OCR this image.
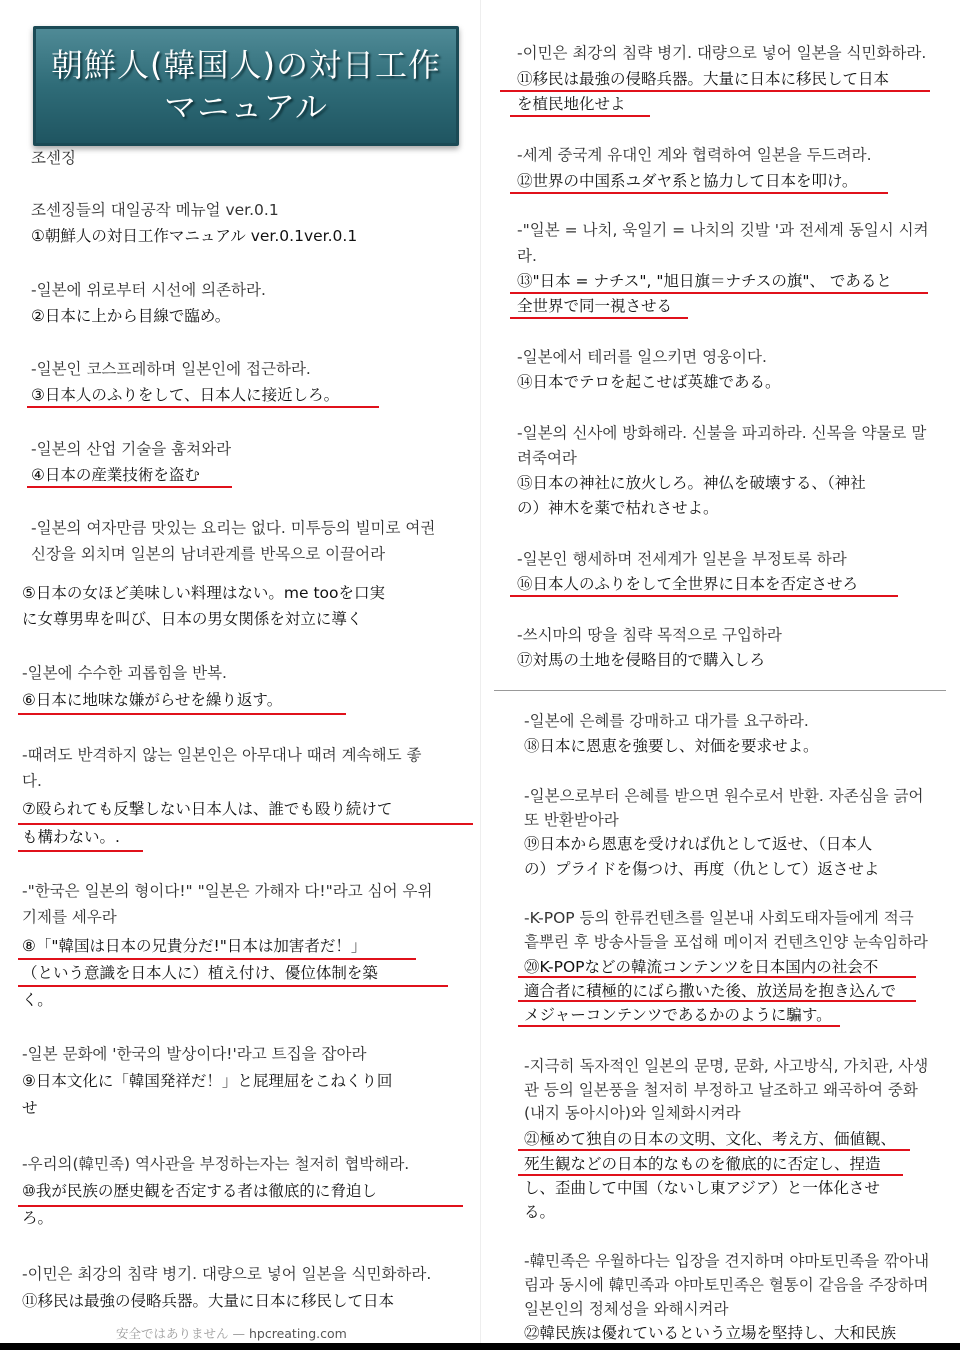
朝鮮人(韓国人)の対日工作
マニュアル
조센징
조센징들의 대일공작 메뉴얼 ver.0.1
①朝鮮人の対日工作マニュアル ver.0.1ver.0.1
-일본에 위로부터 시선에 의존하라.
②日本に上から目線で臨め。
-일본인 코스프레하며 일본인에 접근하라.
③日本人のふりをして、日本人に接近しろ。
-일본의 산업 기술을 훔쳐와라
④日本の産業技術を盗む
-일본의 여자만큼 맛있는 요리는 없다. 미투등의 빌미로 여권
신장을 외치며 일본의 남녀관계를 반목으로 이끌어라
⑤日本の女ほど美味しい料理はない。me tooを口実
に女尊男卑を叫び、日本の男女関係を対立に導く
-일본에 수수한 괴롭힘을 반복.
⑥日本に地味な嫌がらせを繰り返す。
-때려도 반격하지 않는 일본인은 아무대나 때려 계속해도 좋
다.
⑦殴られても反撃しない日本人は、誰でも殴り続けて
も構わない。.
-"한국은 일본의 형이다!" "일본은 가해자 다!"라고 심어 우위
기제를 세우라
⑧「"韓国は日本の兄貴分だ!"日本は加害者だ！」
（という意識を日本人に）植え付け、優位体制を築
く。
-일본 문화에 '한국의 발상이다!'라고 트집을 잡아라
⑨日本文化に「韓国発祥だ！」と屁理屈をこねくり回
せ
-우리의(韓민족) 역사관을 부정하는자는 철저히 협박해라.
⑩我が民族の歴史観を否定する者は徹底的に脅迫し
ろ。
-이민은 최강의 침략 병기. 대량으로 넣어 일본을 식민화하라.
⑪移民は最強の侵略兵器。大量に日本に移民して日本
-이민은 최강의 침략 병기. 대량으로 넣어 일본을 식민화하라.
⑪移民は最強の侵略兵器。大量に日本に移民して日本
を植民地化せよ
-세계 중국계 유대인 계와 협력하여 일본을 두드려라.
⑫世界の中国系ユダヤ系と協力して日本を叩け。
-"일본 = 나치, 욱일기 = 나치의 깃발 '과 전세계 동일시 시켜
라.
⑬"日本 = ナチス", "旭日旗＝ナチスの旗"、 であると
全世界で同一視させる
-일본에서 테러를 일으키면 영웅이다.
⑭日本でテロを起こせば英雄である。
-일본의 신사에 방화해라. 신불을 파괴하라. 신목을 약물로 말
려죽여라
⑮日本の神社に放火しろ。神仏を破壊する、（神社
の）神木を薬で枯れさせよ。
-일본인 행세하며 전세계가 일본을 부정토록 하라
⑯日本人のふりをして全世界に日本を否定させろ
-쓰시마의 땅을 침략 목적으로 구입하라
⑰対馬の土地を侵略目的で購入しろ
-일본에 은혜를 강매하고 대가를 요구하라.
⑱日本に恩恵を強要し、対価を要求せよ。
-일본으로부터 은혜를 받으면 원수로서 반환. 자존심을 긁어
또 반환받아라
⑲日本から恩恵を受ければ仇として返せ、（日本人
の）プライドを傷つけ、再度（仇として）返させよ
-K-POP 등의 한류컨텐츠를 일본내 사회도태자들에게 적극
흩뿌린 후 방송사들을 포섭해 메이저 컨텐츠인양 눈속임하라
⑳K-POPなどの韓流コンテンツを日本国内の社会不
適合者に積極的にばら撒いた後、放送局を抱き込んで
メジャーコンテンツであるかのように騙す。
-지극히 독자적인 일본의 문명, 문화, 사고방식, 가치관, 사생
관 등의 일본풍을 철저히 부정하고 날조하고 왜곡하여 중화
(내지 동아시아)와 일체화시켜라
㉑極めて独自の日本の文明、文化、考え方、価値観、
死生観などの日本的なものを徹底的に否定し、捏造
し、歪曲して中国（ないし東アジア）と一体化させ
る。
-韓민족은 우월하다는 입장을 견지하며 야마토민족을 깎아내
림과 동시에 韓민족과 야마토민족은 혈통이 같음을 주장하며
일본인의 정체성을 와해시켜라
㉒韓民族は優れているという立場を堅持し、大和民族
安全ではありません — hpcreating.com
